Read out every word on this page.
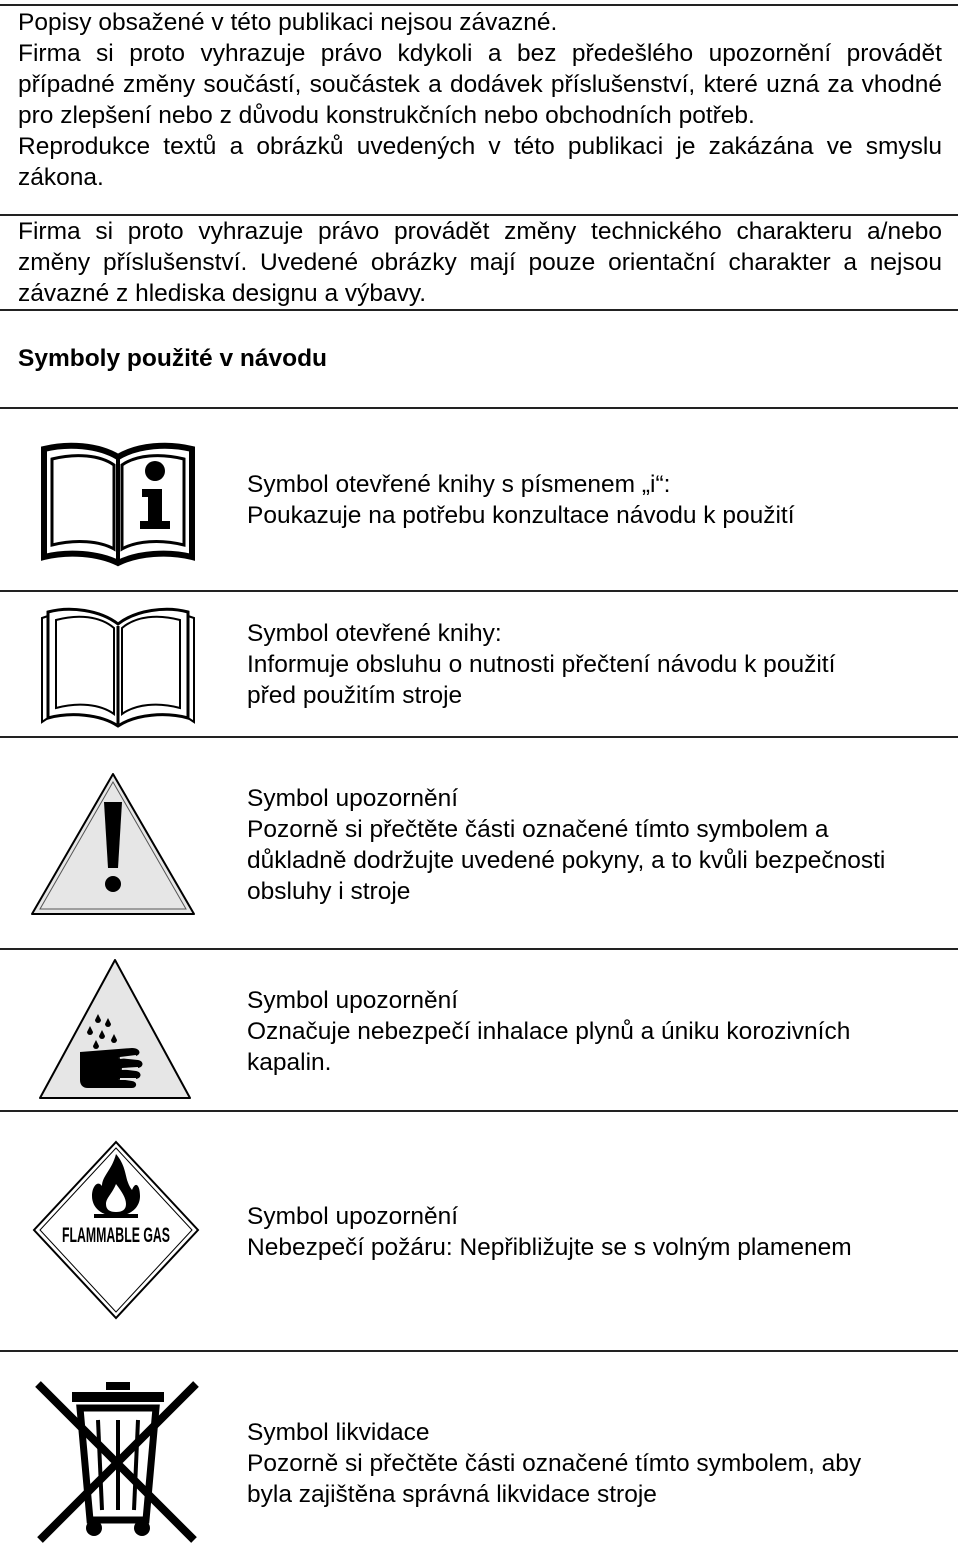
Popisy obsažené v této publikaci nejsou závazné.

Firma si proto vyhrazuje právo kdykoli a bez předešlého upozornění provádět případné změny součástí, součástek a dodávek příslušenství, které uzná za vhodné pro zlepšení nebo z důvodu konstrukčních nebo obchodních potřeb.

Reprodukce textů a obrázků uvedených v této publikaci je zakázána ve smyslu zákona.

Firma si proto vyhrazuje právo provádět změny technického charakteru a/nebo změny příslušenství. Uvedené obrázky mají pouze orientační charakter a nejsou závazné z hlediska designu a výbavy.

Symboly použité v návodu
Symbol otevřené knihy s písmenem „i“:
Poukazuje na potřebu konzultace návodu k použití
Symbol otevřené knihy:
Informuje obsluhu o nutnosti přečtení návodu k použití
před použitím stroje
Symbol upozornění
Pozorně si přečtěte části označené tímto symbolem a
důkladně dodržujte uvedené pokyny, a to kvůli bezpečnosti
obsluhy i stroje
Symbol upozornění
Označuje nebezpečí inhalace plynů a úniku korozivních
kapalin.
FLAMMABLE GAS
Symbol upozornění
Nebezpečí požáru: Nepřibližujte se s volným plamenem
Symbol likvidace
Pozorně si přečtěte části označené tímto symbolem, aby
byla zajištěna správná likvidace stroje
